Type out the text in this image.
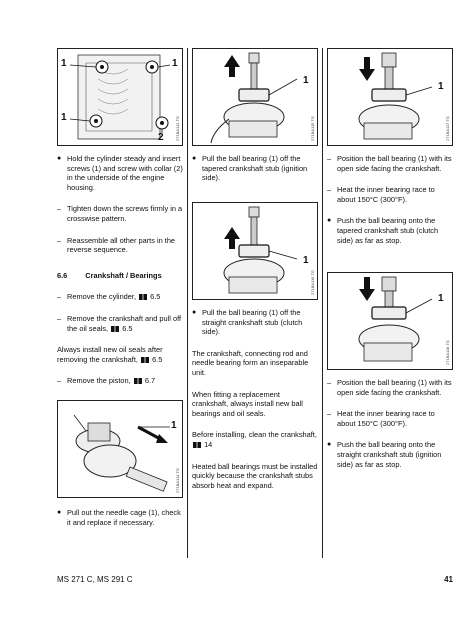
1	1
1
2	271BA112 TG
● Hold the cylinder steady and insert screws (1) and screw with collar (2) in the underside of the engine housing.
– Tighten down the screws firmly in a crosswise pattern.
– Reassemble all other parts in the reverse sequence.
6.6 Crankshaft / Bearings
– Remove the cylinder, 6.5
– Remove the crankshaft and pull off the oil seals, 6.5
Always install new oil seals after removing the crankshaft, 6.5
– Remove the piston, 6.7
1
271BA114 TG
● Pull out the needle cage (1), check it and replace if necessary.
1
271BA115 TG
● Pull the ball bearing (1) off the tapered crankshaft stub (ignition side).
1
271BA116 TG
● Pull the ball bearing (1) off the straight crankshaft stub (clutch side).
The crankshaft, connecting rod and needle bearing form an inseparable unit.
When fitting a replacement crankshaft, always install new ball bearings and oil seals.
Before installing, clean the crankshaft,  14
Heated ball bearings must be installed quickly because the crankshaft stubs absorb heat and expand.
1
271BA117 TG
– Position the ball bearing (1) with its open side facing the crankshaft.
– Heat the inner bearing race to about 150°C (300°F).
● Push the ball bearing onto the tapered crankshaft stub (clutch side) as far as stop.
1
271BA118 TG
– Position the ball bearing (1) with its open side facing the crankshaft.
– Heat the inner bearing race to about 150°C (300°F).
● Push the ball bearing onto the straight crankshaft stub (ignition side) as far as stop.
MS 271 C, MS 291 C	41
